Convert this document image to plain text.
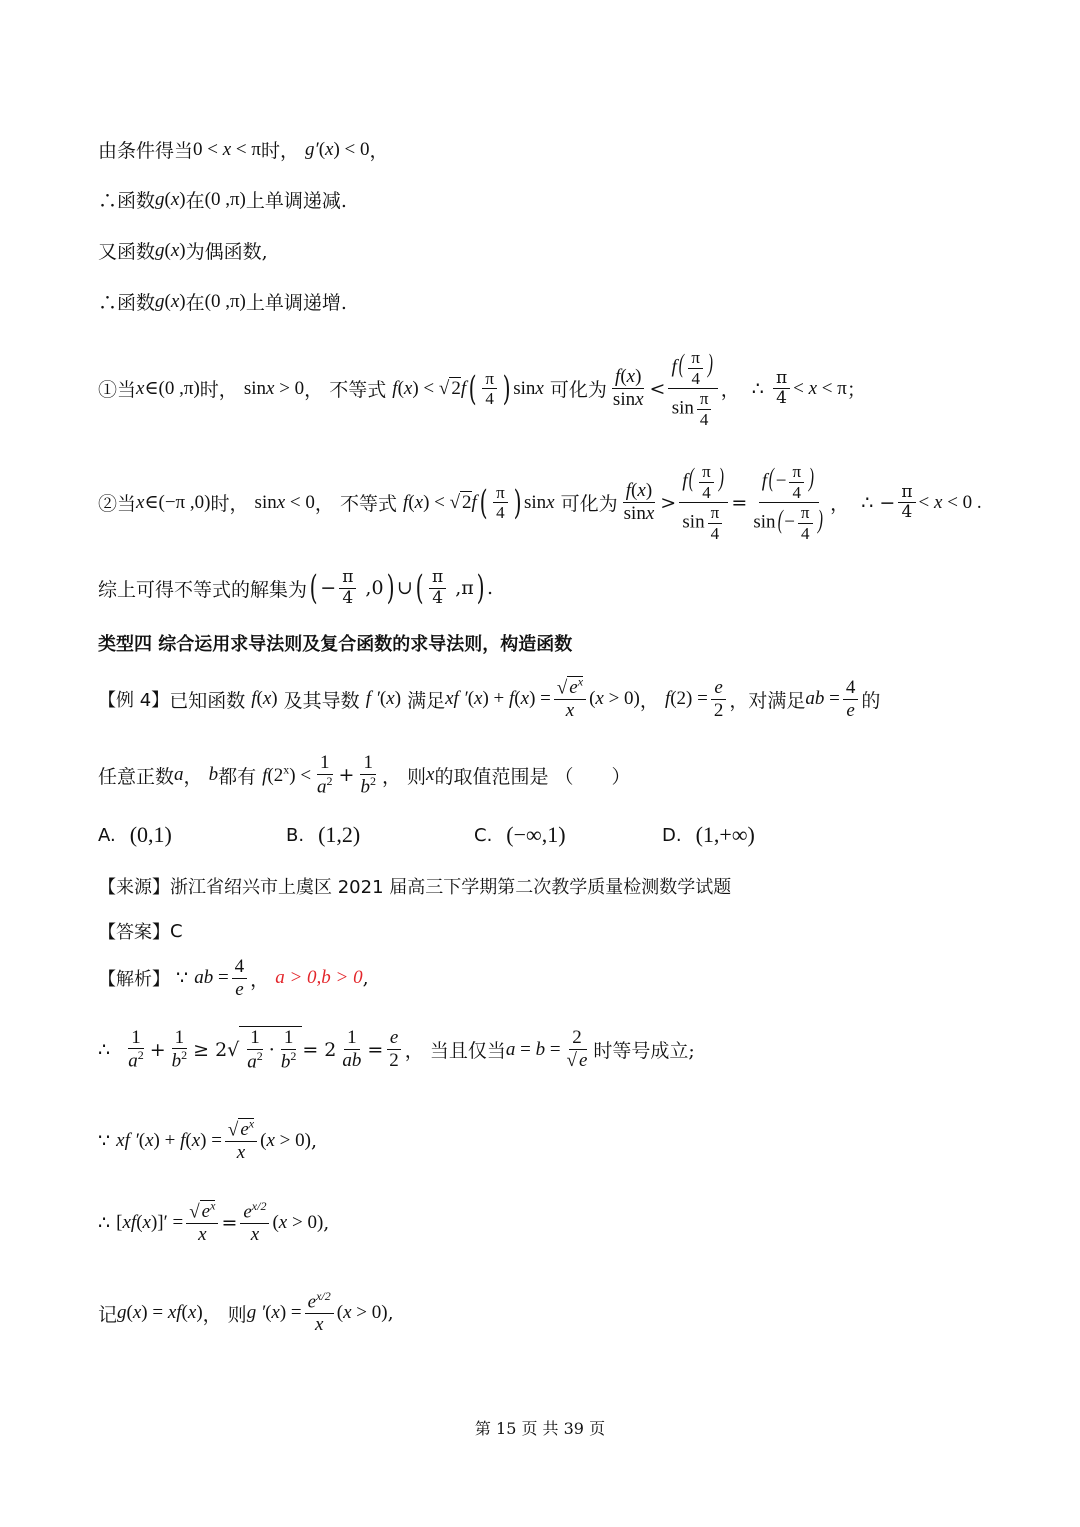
由条件得当 0 < x < π 时，
g′(x) < 0 ，
∴函数 g(x) 在 (0 ,π) 上单调递减.
又函数 g(x) 为偶函数,
∴函数 g(x) 在 (0 ,π) 上单调递增.
①当 x∈(0 ,π) 时，
sinx > 0 ，
不等式
f(x) < √ 2f ( $\frac{\pi}{4}$ ) sinx
可化为 $\frac{f(x)}{\sin x} < \frac{f( \frac{\pi}{4} )}{\sin \frac{\pi}{4}}$ ，
∴
$\frac{\pi}{4} < x < \pi$ ；
②当 x∈(−π ,0) 时，
sinx < 0 ，
不等式
f(x) < √ 2f ( $\frac{\pi}{4}$ ) sinx
可化为 $\frac{f(x)}{\sin x} > \frac{f( \frac{\pi}{4} )}{\sin \frac{\pi}{4}} = \frac{f(- \frac{\pi}{4} )}{\sin(- \frac{\pi}{4} )}$ ，
∴
− $\frac{\pi}{4} < x < 0$ .
综上可得不等式的解集为 ( − $\frac{\pi}{4} ,0$ ) ∪ ( $\frac{\pi}{4} ,\pi$ ) .
类型四 综合运用求导法则及复合函数的求导法则，构造函数
【例 4】 已知函数
f(x)
及其导数
f ′(x)
满足 xf $'(x) + f(x) = \frac{√ e^x}{x} (x > 0)$ ，
$f(2) = \frac{e}{2}$ ， 对满足 ab = $\frac{4}{e}$ 的
任意正数 a ，
b 都有
$f(2^x) < \frac{1}{a^2} + \frac{1}{b^2}$ ，
则 x 的取值范围是 （　　）
A. (0,1)	B. (1,2)	C. (−∞,1)	D. (1,+∞)
【来源】 浙江省绍兴市上虞区 2021 届高三下学期第二次教学质量检测数学试题
【答案】 C
【解析】
∵
ab = $\frac{4}{e}$ ，
a > 0,b > 0 ,
∴
$\frac{1}{a^2} + \frac{1}{b^2} \ge 2√ \frac{1}{a^2} \cdot \frac{1}{b^2} = 2 \frac{1}{ab} = \frac{e}{2}$ ， 当且仅当 $a = b = \frac{2}{√ e}$ 时等号成立;
∵
xf $'(x) + f(x) = \frac{√ e^x}{x} (x > 0)$ ,
∴
$[xf(x)]' = \frac{√ e^x}{x} = \frac{e^{x/2}}{x} (x > 0)$ ,
记 g(x) = xf(x) ， 则 g $'(x) = \frac{e^{x/2}}{x} (x > 0)$ ,
第 15 页 共 39 页
